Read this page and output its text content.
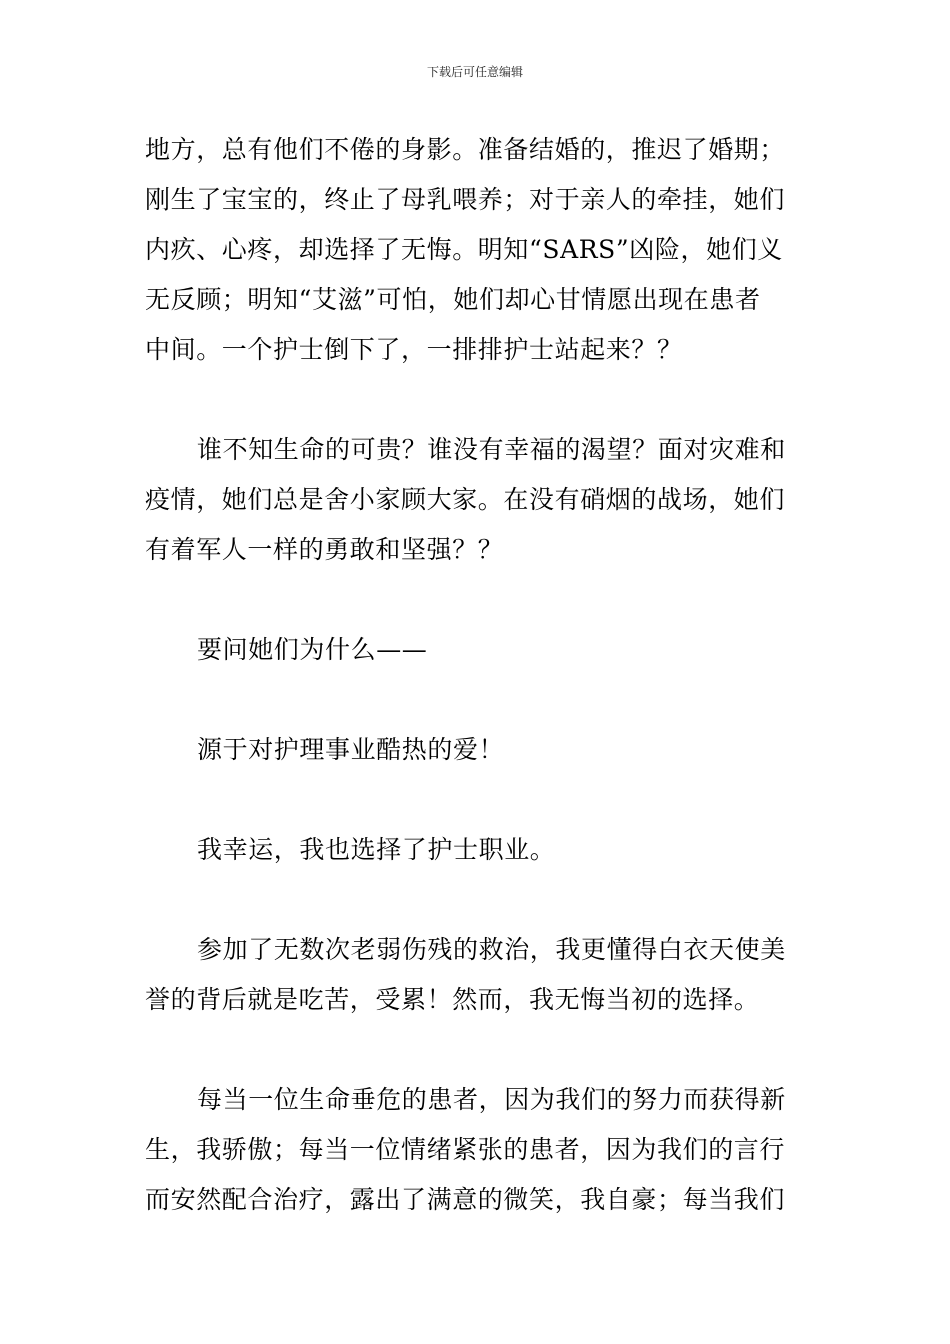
下载后可任意编辑
地方，总有他们不倦的身影。准备结婚的，推迟了婚期；
刚生了宝宝的，终止了母乳喂养；对于亲人的牵挂，她们
内疚、心疼，却选择了无悔。明知“SARS”凶险，她们义
无反顾；明知“艾滋”可怕，她们却心甘情愿出现在患者
中间。一个护士倒下了，一排排护士站起来？？
谁不知生命的可贵？谁没有幸福的渴望？面对灾难和
疫情，她们总是舍小家顾大家。在没有硝烟的战场，她们
有着军人一样的勇敢和坚强？？
要问她们为什么——
源于对护理事业酷热的爱！
我幸运，我也选择了护士职业。
参加了无数次老弱伤残的救治，我更懂得白衣天使美
誉的背后就是吃苦，受累！然而，我无悔当初的选择。
每当一位生命垂危的患者，因为我们的努力而获得新
生，我骄傲；每当一位情绪紧张的患者，因为我们的言行
而安然配合治疗，露出了满意的微笑，我自豪；每当我们
